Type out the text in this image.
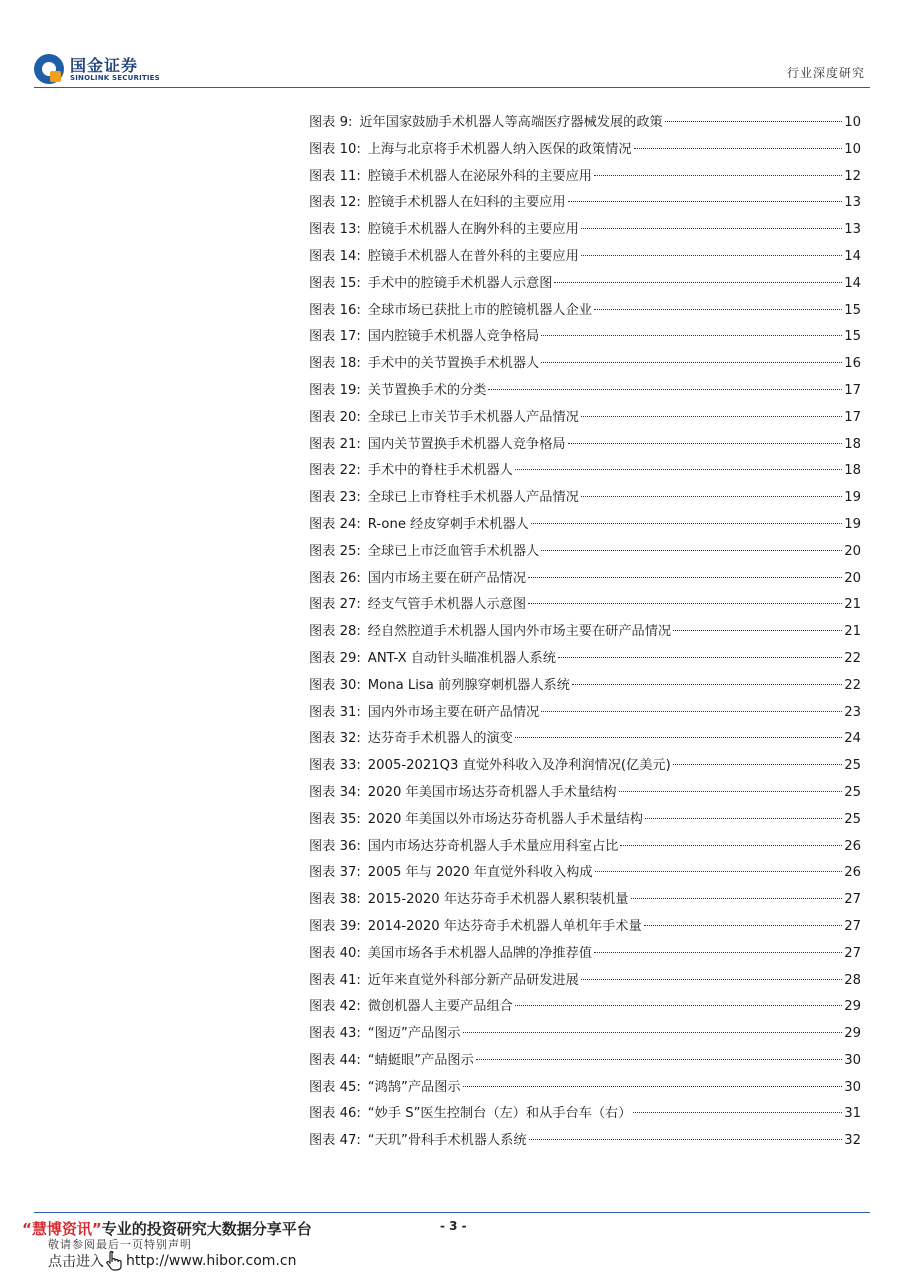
国金证券
SINOLINK SECURITIES	行业深度研究
图表 9: 近年国家鼓励手术机器人等高端医疗器械发展的政策	10
图表 10: 上海与北京将手术机器人纳入医保的政策情况	10
图表 11: 腔镜手术机器人在泌尿外科的主要应用	12
图表 12: 腔镜手术机器人在妇科的主要应用	13
图表 13: 腔镜手术机器人在胸外科的主要应用	13
图表 14: 腔镜手术机器人在普外科的主要应用	14
图表 15: 手术中的腔镜手术机器人示意图	14
图表 16: 全球市场已获批上市的腔镜机器人企业	15
图表 17: 国内腔镜手术机器人竞争格局	15
图表 18: 手术中的关节置换手术机器人	16
图表 19: 关节置换手术的分类	17
图表 20: 全球已上市关节手术机器人产品情况	17
图表 21: 国内关节置换手术机器人竞争格局	18
图表 22: 手术中的脊柱手术机器人	18
图表 23: 全球已上市脊柱手术机器人产品情况	19
图表 24: R-one 经皮穿刺手术机器人	19
图表 25: 全球已上市泛血管手术机器人	20
图表 26: 国内市场主要在研产品情况	20
图表 27: 经支气管手术机器人示意图	21
图表 28: 经自然腔道手术机器人国内外市场主要在研产品情况	21
图表 29: ANT-X 自动针头瞄准机器人系统	22
图表 30: Mona Lisa 前列腺穿刺机器人系统	22
图表 31: 国内外市场主要在研产品情况	23
图表 32: 达芬奇手术机器人的演变	24
图表 33: 2005-2021Q3 直觉外科收入及净利润情况(亿美元)	25
图表 34: 2020 年美国市场达芬奇机器人手术量结构	25
图表 35: 2020 年美国以外市场达芬奇机器人手术量结构	25
图表 36: 国内市场达芬奇机器人手术量应用科室占比	26
图表 37: 2005 年与 2020 年直觉外科收入构成	26
图表 38: 2015-2020 年达芬奇手术机器人累积装机量	27
图表 39: 2014-2020 年达芬奇手术机器人单机年手术量	27
图表 40: 美国市场各手术机器人品牌的净推荐值	27
图表 41: 近年来直觉外科部分新产品研发进展	28
图表 42: 微创机器人主要产品组合	29
图表 43: “图迈”产品图示	29
图表 44: “蜻蜓眼”产品图示	30
图表 45: “鸿鹄”产品图示	30
图表 46: “妙手 S”医生控制台（左）和从手台车（右）	31
图表 47: “天玑”骨科手术机器人系统	32
“慧博资讯”专业的投资研究大数据分享平台	- 3 -
敬请参阅最后一页特别声明
点击进入 http://www.hibor.com.cn
